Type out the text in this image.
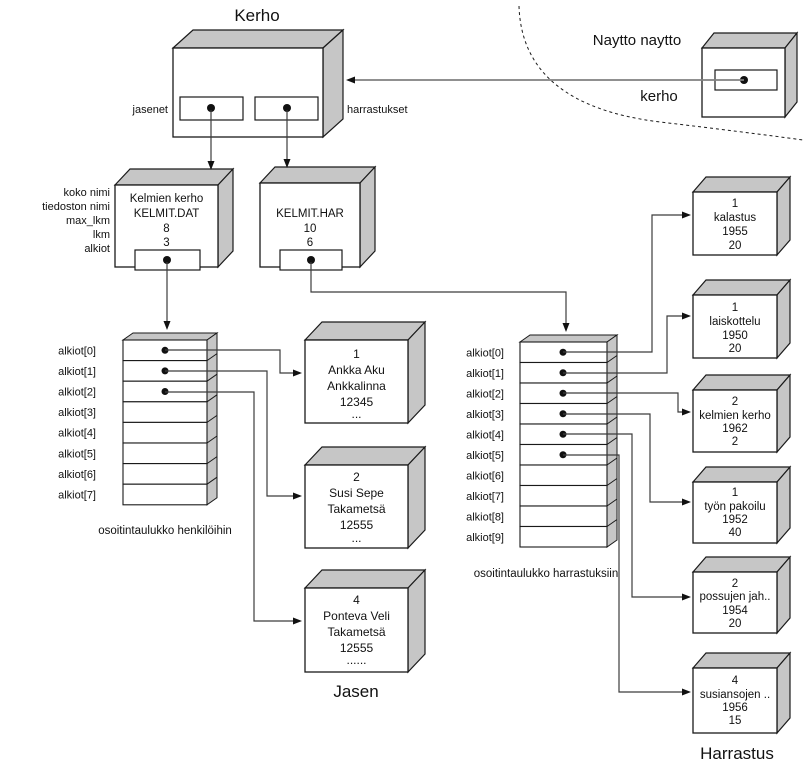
alkiot[0]
alkiot[1]
alkiot[2]
alkiot[3]
alkiot[4]
alkiot[5]
alkiot[6]
alkiot[7]
alkiot[0]
alkiot[1]
alkiot[2]
alkiot[3]
alkiot[4]
alkiot[5]
alkiot[6]
alkiot[7]
alkiot[8]
alkiot[9]
Kelmien kerho
KELMIT.DAT
8
3
KELMIT.HAR
10
6
1
Ankka Aku
Ankkalinna
12345
...
2
Susi Sepe
Takametsä
12555
...
4
Ponteva Veli
Takametsä
12555
......
1
kalastus
1955
20
1
laiskottelu
1950
20
2
kelmien kerho
1962
2
1
työn pakoilu
1952
40
2
possujen jah..
1954
20
4
susiansojen ..
1956
15
Kerho
Naytto naytto
kerho
jasenet	harrastukset
koko nimi
tiedoston nimi
max_lkm
lkm
alkiot
osoitintaulukko henkilöihin
osoitintaulukko harrastuksiin
Jasen
Harrastus
